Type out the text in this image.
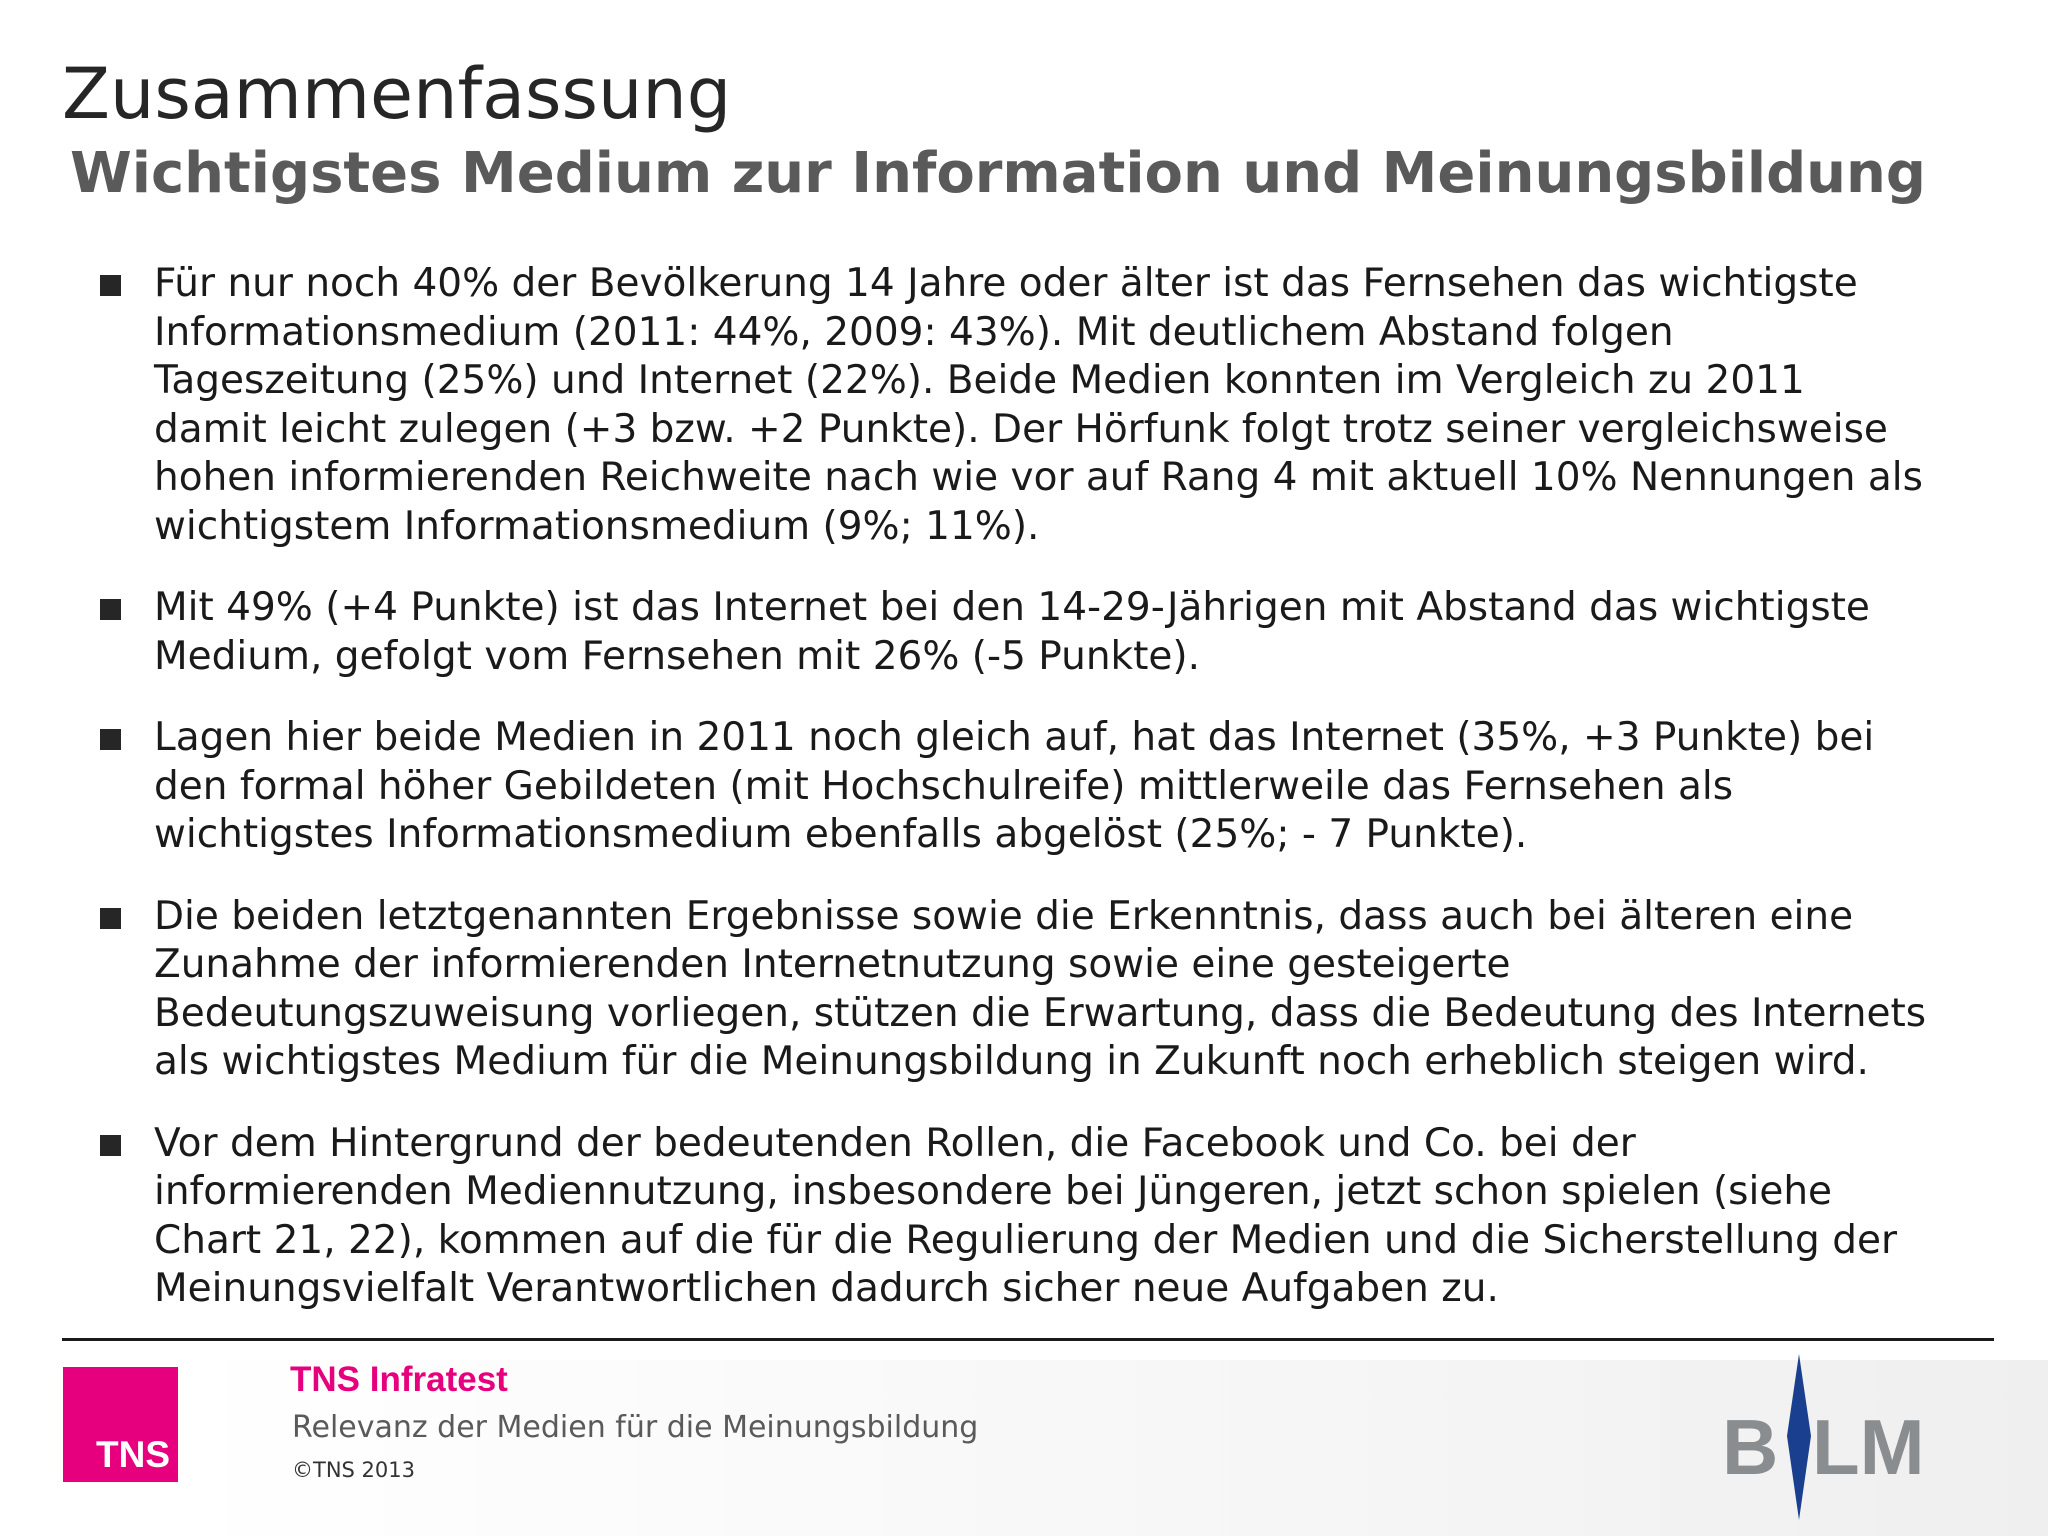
Zusammenfassung
Wichtigstes Medium zur Information und Meinungsbildung
Für nur noch 40% der Bevölkerung 14 Jahre oder älter ist das Fernsehen das wichtigste
Informationsmedium (2011: 44%, 2009: 43%). Mit deutlichem Abstand folgen
Tageszeitung (25%) und Internet (22%). Beide Medien konnten im Vergleich zu 2011
damit leicht zulegen (+3 bzw. +2 Punkte). Der Hörfunk folgt trotz seiner vergleichsweise
hohen informierenden Reichweite nach wie vor auf Rang 4 mit aktuell 10% Nennungen als
wichtigstem Informationsmedium (9%; 11%).
Mit 49% (+4 Punkte) ist das Internet bei den 14-29-Jährigen mit Abstand das wichtigste
Medium, gefolgt vom Fernsehen mit 26% (-5 Punkte).
Lagen hier beide Medien in 2011 noch gleich auf, hat das Internet (35%, +3 Punkte) bei
den formal höher Gebildeten (mit Hochschulreife) mittlerweile das Fernsehen als
wichtigstes Informationsmedium ebenfalls abgelöst (25%; - 7 Punkte).
Die beiden letztgenannten Ergebnisse sowie die Erkenntnis, dass auch bei älteren eine
Zunahme der informierenden Internetnutzung sowie eine gesteigerte
Bedeutungszuweisung vorliegen, stützen die Erwartung, dass die Bedeutung des Internets
als wichtigstes Medium für die Meinungsbildung in Zukunft noch erheblich steigen wird.
Vor dem Hintergrund der bedeutenden Rollen, die Facebook und Co. bei der
informierenden Mediennutzung, insbesondere bei Jüngeren, jetzt schon spielen (siehe
Chart 21, 22), kommen auf die für die Regulierung der Medien und die Sicherstellung der
Meinungsvielfalt Verantwortlichen dadurch sicher neue Aufgaben zu.
TNS
TNS Infratest
Relevanz der Medien für die Meinungsbildung
©TNS 2013	B LM
